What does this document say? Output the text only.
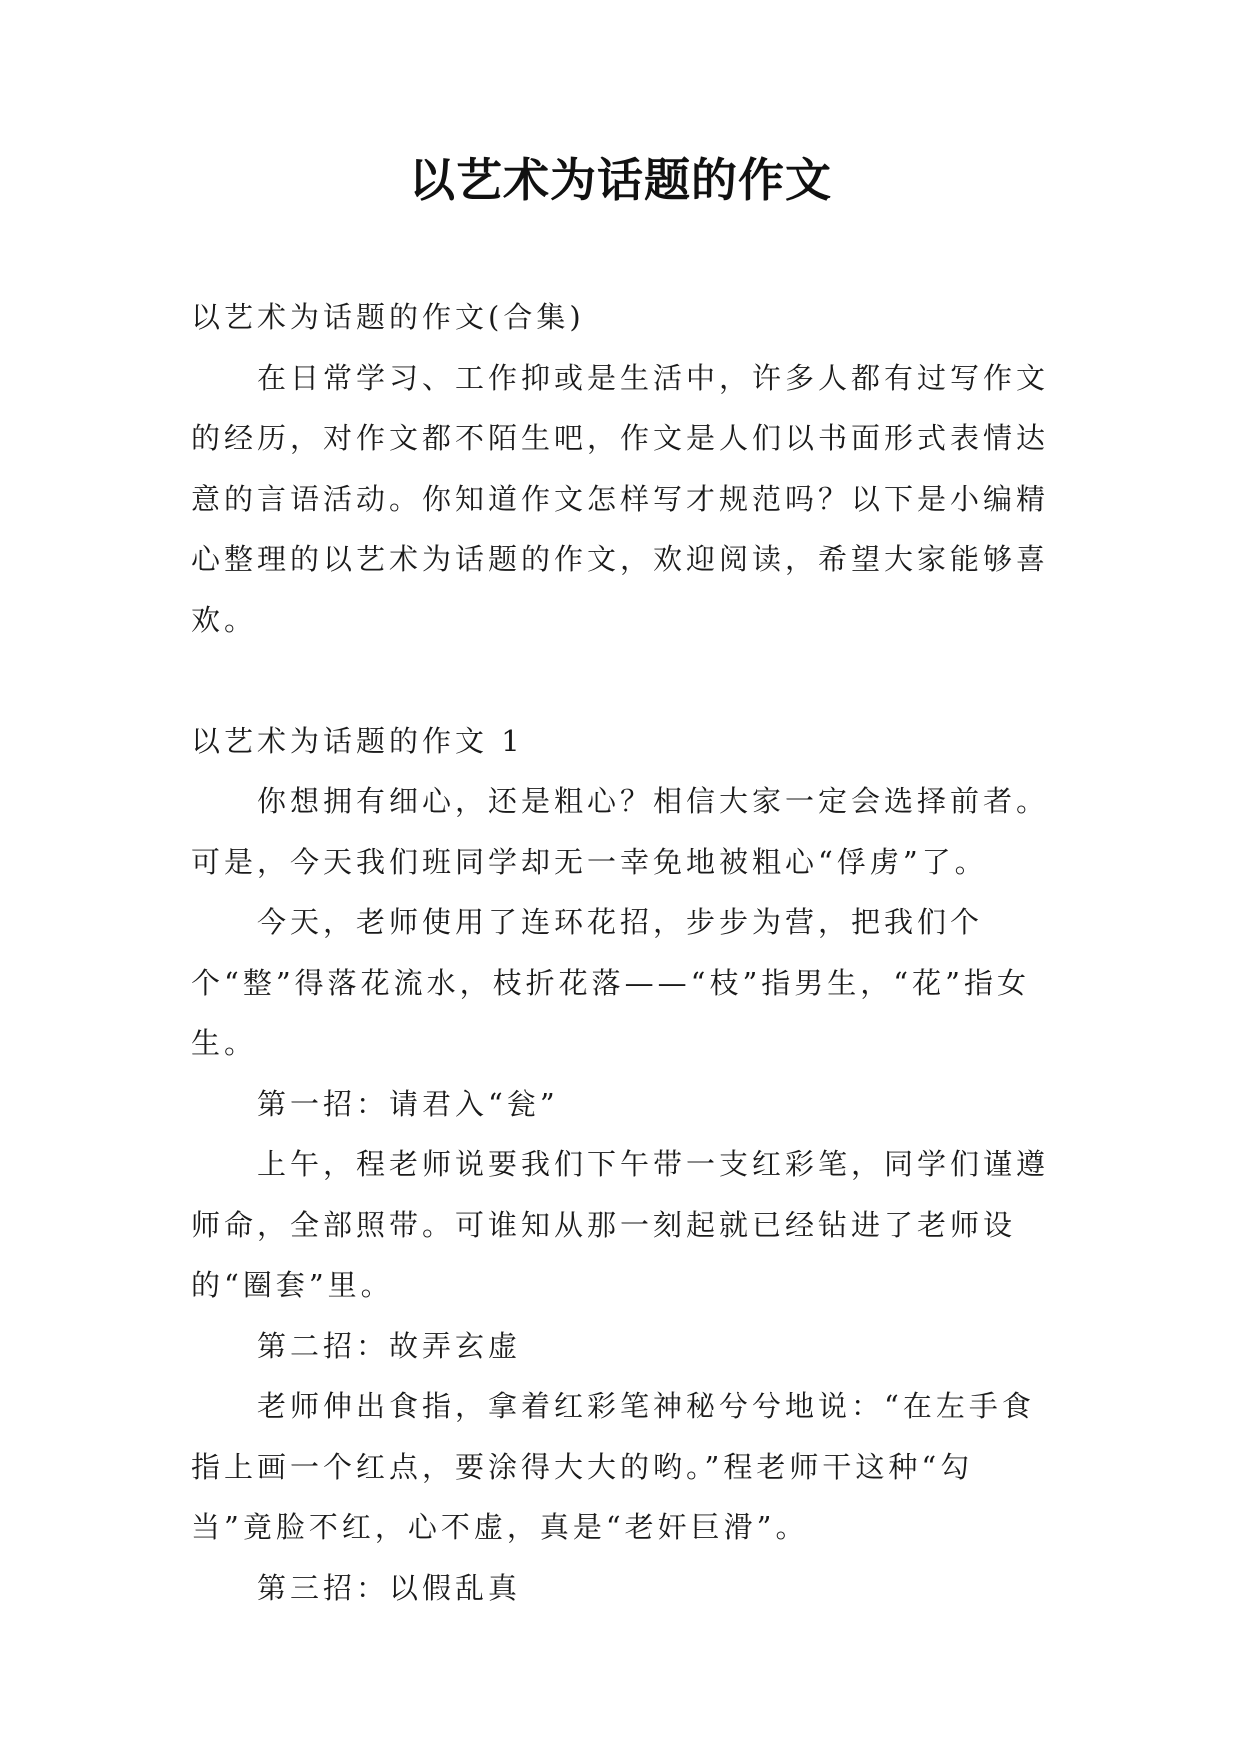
以艺术为话题的作文

以艺术为话题的作文(合集)

在日常学习、工作抑或是生活中，许多人都有过写作文的经历，对作文都不陌生吧，作文是人们以书面形式表情达意的言语活动。你知道作文怎样写才规范吗？以下是小编精心整理的以艺术为话题的作文，欢迎阅读，希望大家能够喜欢。

以艺术为话题的作文 1

你想拥有细心，还是粗心？相信大家一定会选择前者。可是，今天我们班同学却无一幸免地被粗心“俘虏”了。

今天，老师使用了连环花招，步步为营，把我们个个“整”得落花流水，枝折花落——“枝”指男生，“花”指女生。

第一招：请君入“瓮”

上午，程老师说要我们下午带一支红彩笔，同学们谨遵师命，全部照带。可谁知从那一刻起就已经钻进了老师设的“圈套”里。

第二招：故弄玄虚

老师伸出食指，拿着红彩笔神秘兮兮地说：“在左手食指上画一个红点，要涂得大大的哟。”程老师干这种“勾当”竟脸不红，心不虚，真是“老奸巨滑”。

第三招：以假乱真
